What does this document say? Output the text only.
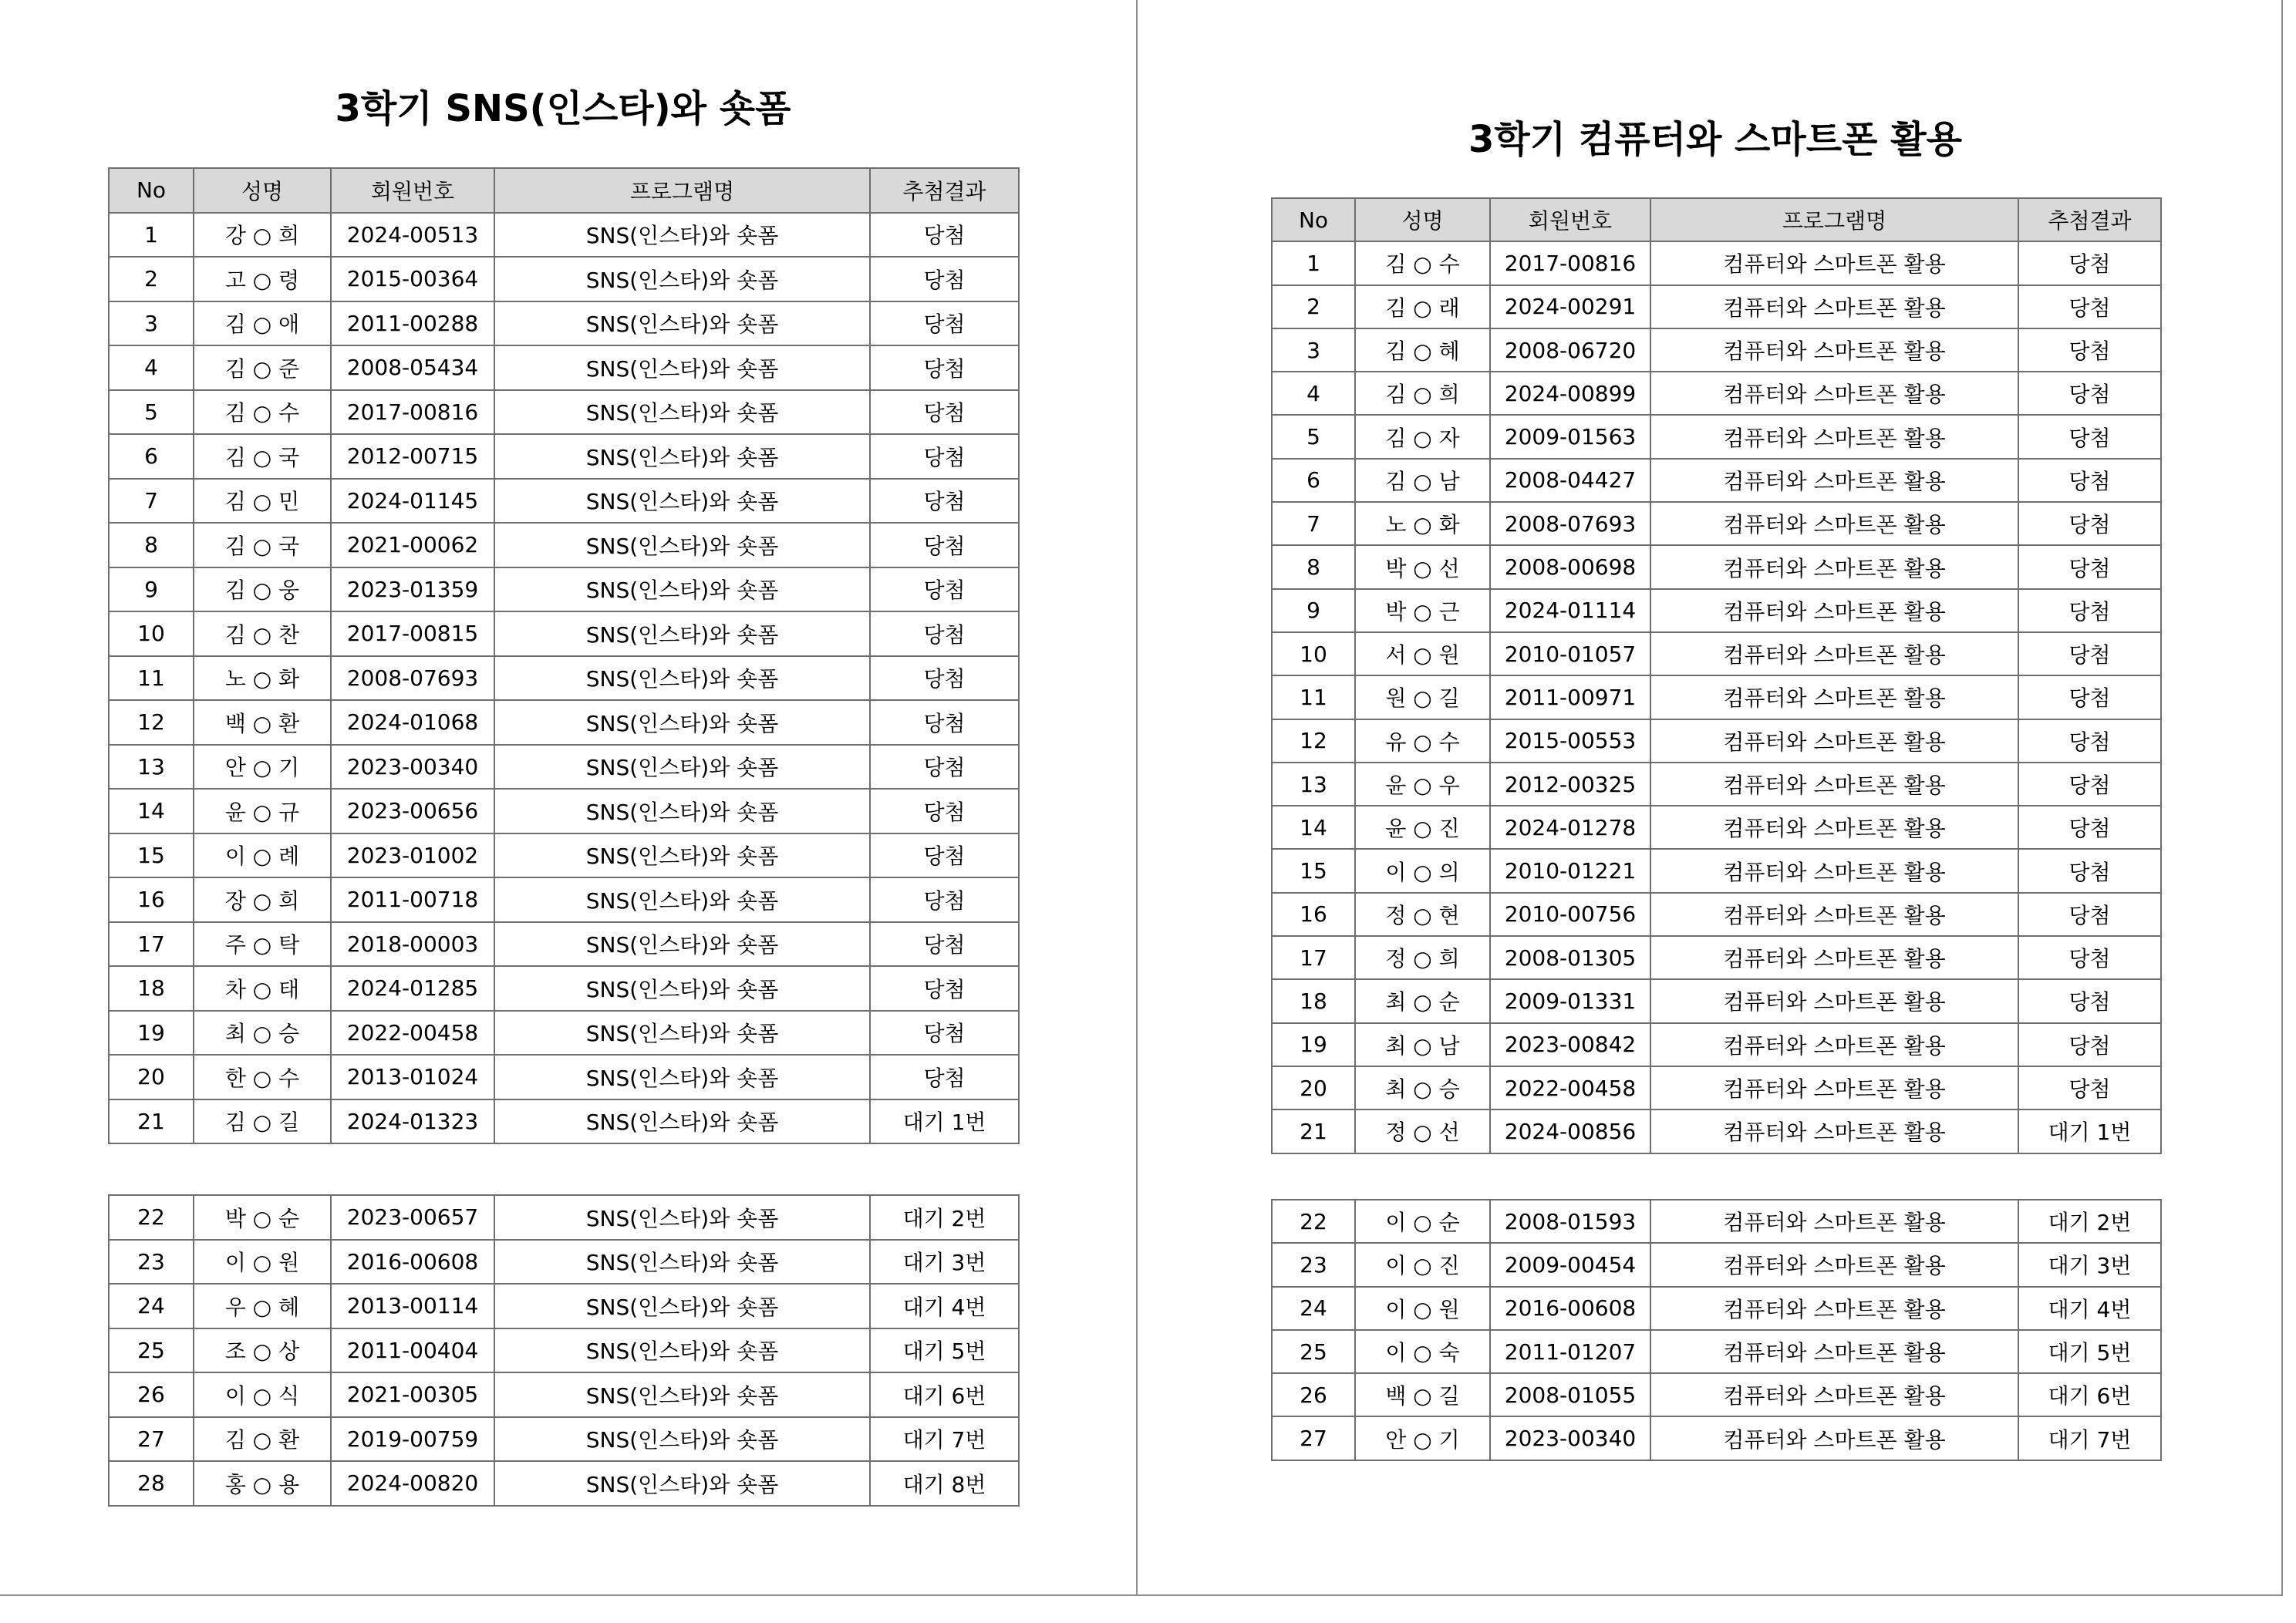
3학기 SNS(인스타)와 숏폼
No	성명	회원번호	프로그램명	추첨결과
1	강 ○ 희	2024-00513	SNS(인스타)와 숏폼	당첨
2	고 ○ 령	2015-00364	SNS(인스타)와 숏폼	당첨
3	김 ○ 애	2011-00288	SNS(인스타)와 숏폼	당첨
4	김 ○ 준	2008-05434	SNS(인스타)와 숏폼	당첨
5	김 ○ 수	2017-00816	SNS(인스타)와 숏폼	당첨
6	김 ○ 국	2012-00715	SNS(인스타)와 숏폼	당첨
7	김 ○ 민	2024-01145	SNS(인스타)와 숏폼	당첨
8	김 ○ 국	2021-00062	SNS(인스타)와 숏폼	당첨
9	김 ○ 웅	2023-01359	SNS(인스타)와 숏폼	당첨
10	김 ○ 찬	2017-00815	SNS(인스타)와 숏폼	당첨
11	노 ○ 화	2008-07693	SNS(인스타)와 숏폼	당첨
12	백 ○ 환	2024-01068	SNS(인스타)와 숏폼	당첨
13	안 ○ 기	2023-00340	SNS(인스타)와 숏폼	당첨
14	윤 ○ 규	2023-00656	SNS(인스타)와 숏폼	당첨
15	이 ○ 례	2023-01002	SNS(인스타)와 숏폼	당첨
16	장 ○ 희	2011-00718	SNS(인스타)와 숏폼	당첨
17	주 ○ 탁	2018-00003	SNS(인스타)와 숏폼	당첨
18	차 ○ 태	2024-01285	SNS(인스타)와 숏폼	당첨
19	최 ○ 승	2022-00458	SNS(인스타)와 숏폼	당첨
20	한 ○ 수	2013-01024	SNS(인스타)와 숏폼	당첨
21	김 ○ 길	2024-01323	SNS(인스타)와 숏폼	대기 1번
22	박 ○ 순	2023-00657	SNS(인스타)와 숏폼	대기 2번
23	이 ○ 원	2016-00608	SNS(인스타)와 숏폼	대기 3번
24	우 ○ 혜	2013-00114	SNS(인스타)와 숏폼	대기 4번
25	조 ○ 상	2011-00404	SNS(인스타)와 숏폼	대기 5번
26	이 ○ 식	2021-00305	SNS(인스타)와 숏폼	대기 6번
27	김 ○ 환	2019-00759	SNS(인스타)와 숏폼	대기 7번
28	홍 ○ 용	2024-00820	SNS(인스타)와 숏폼	대기 8번
3학기 컴퓨터와 스마트폰 활용
No	성명	회원번호	프로그램명	추첨결과
1	김 ○ 수	2017-00816	컴퓨터와 스마트폰 활용	당첨
2	김 ○ 래	2024-00291	컴퓨터와 스마트폰 활용	당첨
3	김 ○ 혜	2008-06720	컴퓨터와 스마트폰 활용	당첨
4	김 ○ 희	2024-00899	컴퓨터와 스마트폰 활용	당첨
5	김 ○ 자	2009-01563	컴퓨터와 스마트폰 활용	당첨
6	김 ○ 남	2008-04427	컴퓨터와 스마트폰 활용	당첨
7	노 ○ 화	2008-07693	컴퓨터와 스마트폰 활용	당첨
8	박 ○ 선	2008-00698	컴퓨터와 스마트폰 활용	당첨
9	박 ○ 근	2024-01114	컴퓨터와 스마트폰 활용	당첨
10	서 ○ 원	2010-01057	컴퓨터와 스마트폰 활용	당첨
11	원 ○ 길	2011-00971	컴퓨터와 스마트폰 활용	당첨
12	유 ○ 수	2015-00553	컴퓨터와 스마트폰 활용	당첨
13	윤 ○ 우	2012-00325	컴퓨터와 스마트폰 활용	당첨
14	윤 ○ 진	2024-01278	컴퓨터와 스마트폰 활용	당첨
15	이 ○ 의	2010-01221	컴퓨터와 스마트폰 활용	당첨
16	정 ○ 현	2010-00756	컴퓨터와 스마트폰 활용	당첨
17	정 ○ 희	2008-01305	컴퓨터와 스마트폰 활용	당첨
18	최 ○ 순	2009-01331	컴퓨터와 스마트폰 활용	당첨
19	최 ○ 남	2023-00842	컴퓨터와 스마트폰 활용	당첨
20	최 ○ 승	2022-00458	컴퓨터와 스마트폰 활용	당첨
21	정 ○ 선	2024-00856	컴퓨터와 스마트폰 활용	대기 1번
22	이 ○ 순	2008-01593	컴퓨터와 스마트폰 활용	대기 2번
23	이 ○ 진	2009-00454	컴퓨터와 스마트폰 활용	대기 3번
24	이 ○ 원	2016-00608	컴퓨터와 스마트폰 활용	대기 4번
25	이 ○ 숙	2011-01207	컴퓨터와 스마트폰 활용	대기 5번
26	백 ○ 길	2008-01055	컴퓨터와 스마트폰 활용	대기 6번
27	안 ○ 기	2023-00340	컴퓨터와 스마트폰 활용	대기 7번
